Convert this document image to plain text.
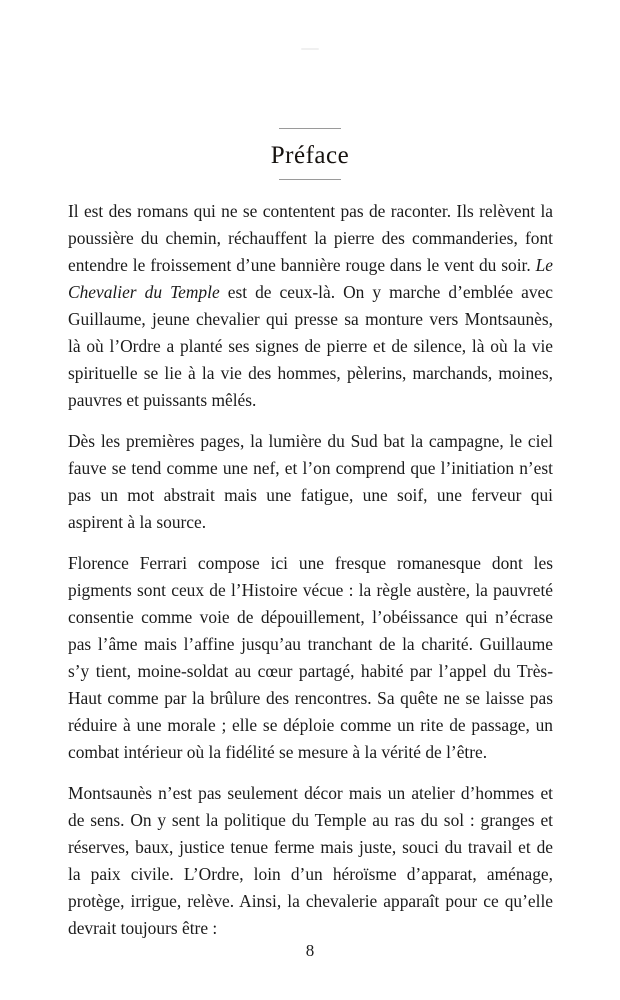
Préface

Il est des romans qui ne se contentent pas de raconter. Ils relèvent la poussière du chemin, réchauffent la pierre des commanderies, font entendre le froissement d’une bannière rouge dans le vent du soir. Le Chevalier du Temple est de ceux-là. On y marche d’emblée avec Guillaume, jeune chevalier qui presse sa monture vers Montsaunès, là où l’Ordre a planté ses signes de pierre et de silence, là où la vie spirituelle se lie à la vie des hommes, pèlerins, marchands, moines, pauvres et puissants mêlés.

Dès les premières pages, la lumière du Sud bat la campagne, le ciel fauve se tend comme une nef, et l’on comprend que l’initiation n’est pas un mot abstrait mais une fatigue, une soif, une ferveur qui aspirent à la source.

Florence Ferrari compose ici une fresque romanesque dont les pigments sont ceux de l’Histoire vécue : la règle austère, la pauvreté consentie comme voie de dépouillement, l’obéissance qui n’écrase pas l’âme mais l’affine jusqu’au tranchant de la charité. Guillaume s’y tient, moine-soldat au cœur partagé, habité par l’appel du Très-Haut comme par la brûlure des rencontres. Sa quête ne se laisse pas réduire à une morale ; elle se déploie comme un rite de passage, un combat intérieur où la fidélité se mesure à la vérité de l’être.

Montsaunès n’est pas seulement décor mais un atelier d’hommes et de sens. On y sent la politique du Temple au ras du sol : granges et réserves, baux, justice tenue ferme mais juste, souci du travail et de la paix civile. L’Ordre, loin d’un héroïsme d’apparat, aménage, protège, irrigue, relève. Ainsi, la chevalerie apparaît pour ce qu’elle devrait toujours être :

8
